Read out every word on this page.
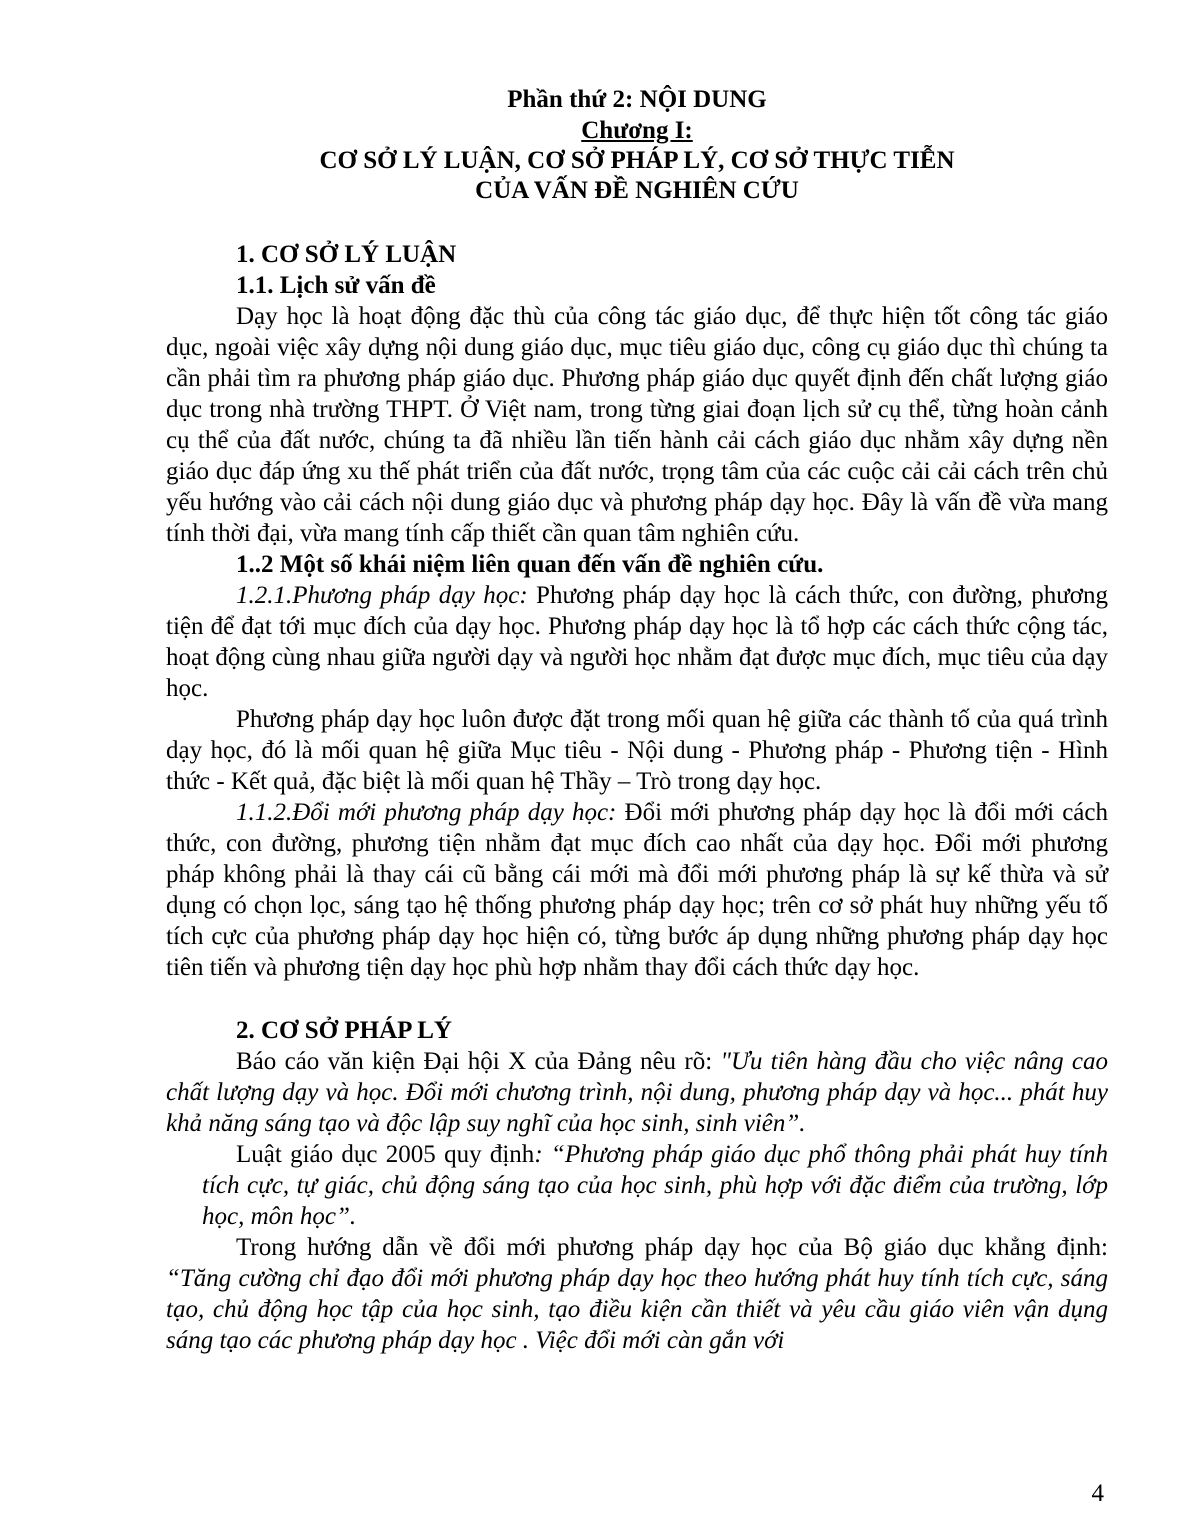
Phần thứ 2: NỘI DUNG
Chương I:
CƠ SỞ LÝ LUẬN, CƠ SỞ PHÁP LÝ, CƠ SỞ THỰC TIỄN
CỦA VẤN ĐỀ NGHIÊN CỨU
1. CƠ SỞ LÝ LUẬN
1.1. Lịch sử vấn đề

Dạy học là hoạt động đặc thù của công tác giáo dục, để thực hiện tốt công tác giáo dục, ngoài việc xây dựng nội dung giáo dục, mục tiêu giáo dục, công cụ giáo dục thì chúng ta cần phải tìm ra phương pháp giáo dục. Phương pháp giáo dục quyết định đến chất lượng giáo dục trong nhà trường THPT. Ở Việt nam, trong từng giai đoạn lịch sử cụ thể, từng hoàn cảnh cụ thể của đất nước, chúng ta đã nhiều lần tiến hành cải cách giáo dục nhằm xây dựng nền giáo dục đáp ứng xu thế phát triển của đất nước, trọng tâm của các cuộc cải cải cách trên chủ yếu hướng vào cải cách nội dung giáo dục và phương pháp dạy học. Đây là vấn đề vừa mang tính thời đại, vừa mang tính cấp thiết cần quan tâm nghiên cứu.

1..2 Một số khái niệm liên quan đến vấn đề nghiên cứu.

1.2.1.Phương pháp dạy học: Phương pháp dạy học là cách thức, con đường, phương tiện để đạt tới mục đích của dạy học. Phương pháp dạy học là tổ hợp các cách thức cộng tác, hoạt động cùng nhau giữa người dạy và người học nhằm đạt được mục đích, mục tiêu của dạy học.

Phương pháp dạy học luôn được đặt trong mối quan hệ giữa các thành tố của quá trình dạy học, đó là mối quan hệ giữa Mục tiêu - Nội dung - Phương pháp - Phương tiện - Hình thức - Kết quả, đặc biệt là mối quan hệ Thầy – Trò trong dạy học.

1.1.2.Đổi mới phương pháp dạy học: Đổi mới phương pháp dạy học là đổi mới cách thức, con đường, phương tiện nhằm đạt mục đích cao nhất của dạy học. Đổi mới phương pháp không phải là thay cái cũ bằng cái mới mà đổi mới phương pháp là sự kế thừa và sử dụng có chọn lọc, sáng tạo hệ thống phương pháp dạy học; trên cơ sở phát huy những yếu tố tích cực của phương pháp dạy học hiện có, từng bước áp dụng những phương pháp dạy học tiên tiến và phương tiện dạy học phù hợp nhằm thay đổi cách thức dạy học.

2. CƠ SỞ PHÁP LÝ

Báo cáo văn kiện Đại hội X của Đảng nêu rõ: "Ưu tiên hàng đầu cho việc nâng cao chất lượng dạy và học. Đổi mới chương trình, nội dung, phương pháp dạy và học... phát huy khả năng sáng tạo và độc lập suy nghĩ của học sinh, sinh viên”.

Luật giáo dục 2005 quy định: “Phương pháp giáo dục phổ thông phải phát huy tính tích cực, tự giác, chủ động sáng tạo của học sinh, phù hợp với đặc điểm của trường, lớp học, môn học”.

Trong hướng dẫn về đổi mới phương pháp dạy học của Bộ giáo dục khẳng định: “Tăng cường chỉ đạo đổi mới phương pháp dạy học theo hướng phát huy tính tích cực, sáng tạo, chủ động học tập của học sinh, tạo điều kiện cần thiết và yêu cầu giáo viên vận dụng sáng tạo các phương pháp dạy học . Việc đổi mới càn gắn với

4
